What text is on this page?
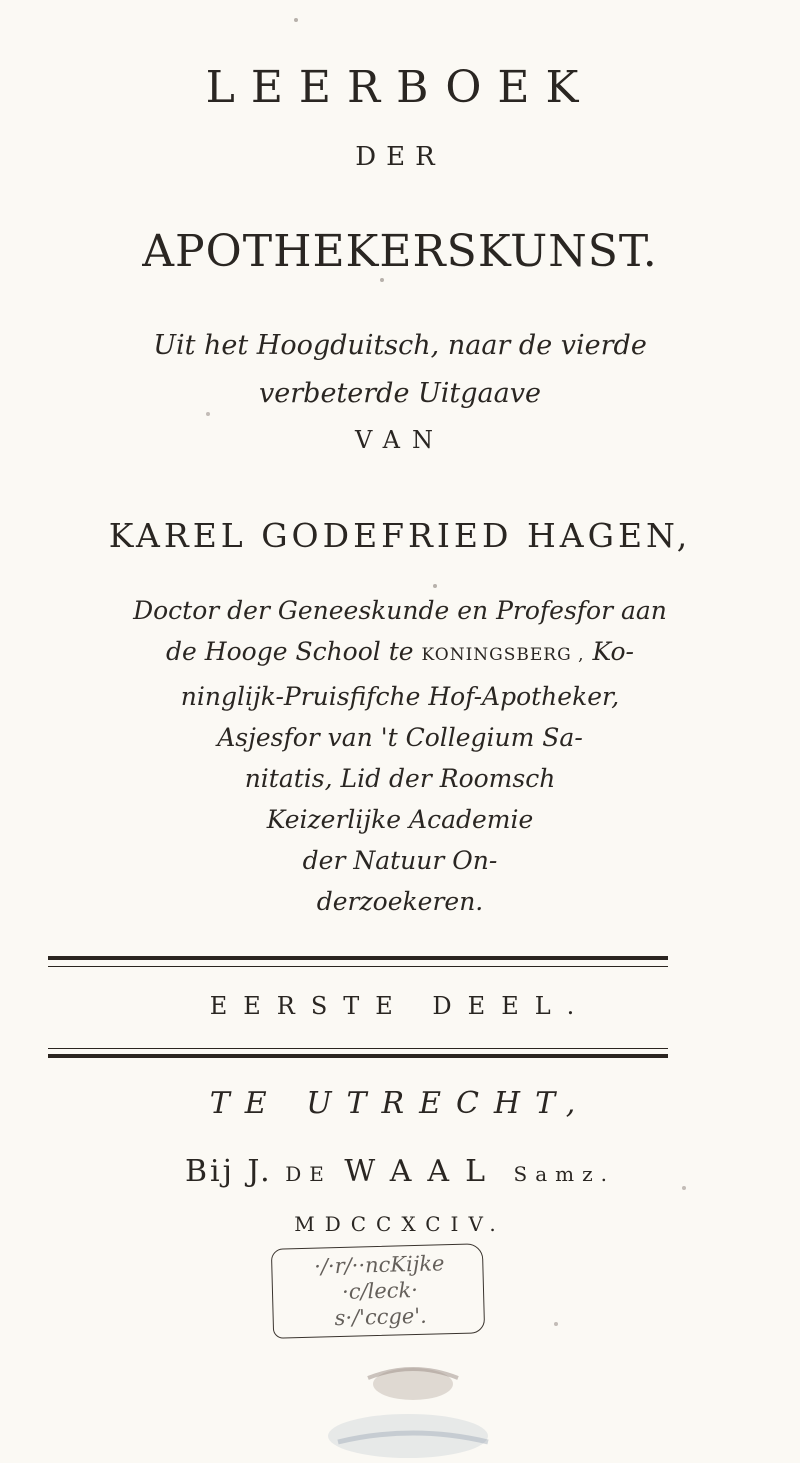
LEERBOEK
DER
APOTHEKERSKUNST.
Uit het Hoogduitsch, naar de vierde
verbeterde Uitgaave
VAN
KAREL GODEFRIED HAGEN,
Doctor der Geneeskunde en Profesfor aan
de Hooge School te KONINGSBERG , Ko-
ninglijk-Pruisfifche Hof-Apotheker,
Asjesfor van 't Collegium Sa-
nitatis, Lid der Roomsch
Keizerlijke Academie
der Natuur On-
derzoekeren.
EERSTE DEEL.
TE UTRECHT,
Bij J. DE WAAL Samz.
MDCCXCIV.
·/·r/··ncKijke
·c/leck·
s·/'ccge'.
